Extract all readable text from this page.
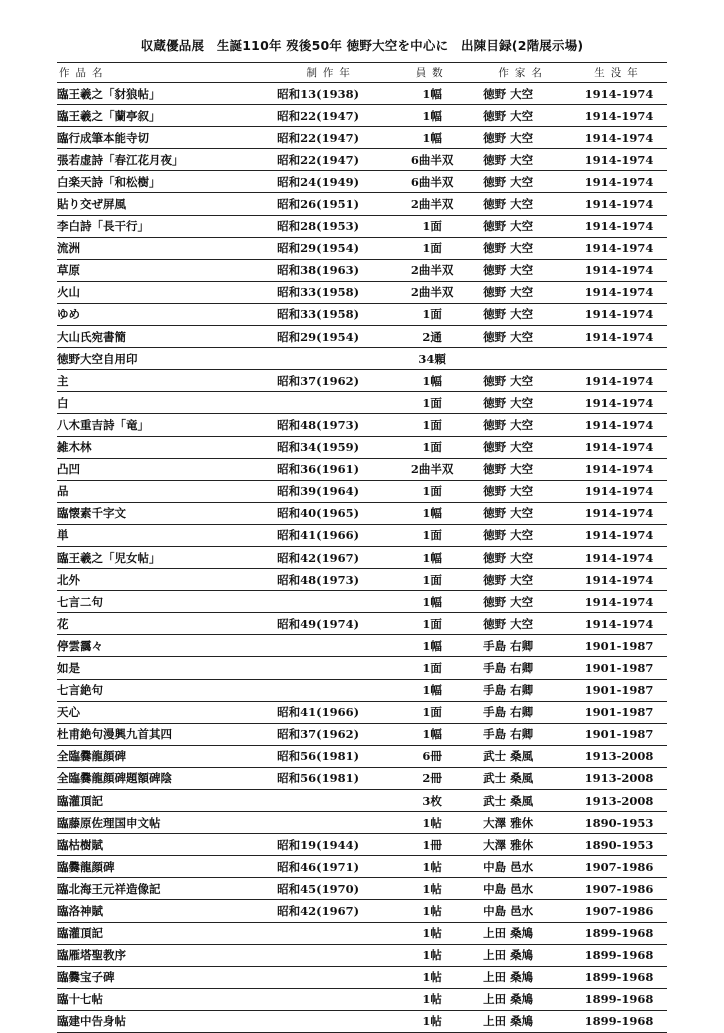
収蔵優品展　生誕110年 歿後50年 徳野大空を中心に　出陳目録(2階展示場)
作品名	制作年	員数	作家名	生没年
臨王羲之「豺狼帖」	昭和13(1938)	1幅	徳野 大空	1914-1974
臨王羲之「蘭亭叙」	昭和22(1947)	1幅	徳野 大空	1914-1974
臨行成筆本能寺切	昭和22(1947)	1幅	徳野 大空	1914-1974
張若虚詩「春江花月夜」	昭和22(1947)	6曲半双	徳野 大空	1914-1974
白楽天詩「和松樹」	昭和24(1949)	6曲半双	徳野 大空	1914-1974
貼り交ぜ屏風	昭和26(1951)	2曲半双	徳野 大空	1914-1974
李白詩「長干行」	昭和28(1953)	1面	徳野 大空	1914-1974
流洲	昭和29(1954)	1面	徳野 大空	1914-1974
草原	昭和38(1963)	2曲半双	徳野 大空	1914-1974
火山	昭和33(1958)	2曲半双	徳野 大空	1914-1974
ゆめ	昭和33(1958)	1面	徳野 大空	1914-1974
大山氏宛書簡	昭和29(1954)	2通	徳野 大空	1914-1974
徳野大空自用印		34顆		
主	昭和37(1962)	1幅	徳野 大空	1914-1974
白		1面	徳野 大空	1914-1974
八木重吉詩「竜」	昭和48(1973)	1面	徳野 大空	1914-1974
雑木林	昭和34(1959)	1面	徳野 大空	1914-1974
凸凹	昭和36(1961)	2曲半双	徳野 大空	1914-1974
品	昭和39(1964)	1面	徳野 大空	1914-1974
臨懐素千字文	昭和40(1965)	1幅	徳野 大空	1914-1974
単	昭和41(1966)	1面	徳野 大空	1914-1974
臨王羲之「児女帖」	昭和42(1967)	1幅	徳野 大空	1914-1974
北外	昭和48(1973)	1面	徳野 大空	1914-1974
七言二句		1幅	徳野 大空	1914-1974
花	昭和49(1974)	1面	徳野 大空	1914-1974
停雲靄々		1幅	手島 右卿	1901-1987
如是		1面	手島 右卿	1901-1987
七言絶句		1幅	手島 右卿	1901-1987
天心	昭和41(1966)	1面	手島 右卿	1901-1987
杜甫絶句漫興九首其四	昭和37(1962)	1幅	手島 右卿	1901-1987
全臨爨龍顔碑	昭和56(1981)	6冊	武士 桑風	1913-2008
全臨爨龍顔碑題額碑陰	昭和56(1981)	2冊	武士 桑風	1913-2008
臨灌頂記		3枚	武士 桑風	1913-2008
臨藤原佐理国申文帖		1帖	大澤 雅休	1890-1953
臨枯樹賦	昭和19(1944)	1冊	大澤 雅休	1890-1953
臨爨龍顔碑	昭和46(1971)	1帖	中島 邑水	1907-1986
臨北海王元祥造像記	昭和45(1970)	1帖	中島 邑水	1907-1986
臨洛神賦	昭和42(1967)	1帖	中島 邑水	1907-1986
臨灌頂記		1帖	上田 桑鳩	1899-1968
臨雁塔聖教序		1帖	上田 桑鳩	1899-1968
臨爨宝子碑		1帖	上田 桑鳩	1899-1968
臨十七帖		1帖	上田 桑鳩	1899-1968
臨建中告身帖		1帖	上田 桑鳩	1899-1968
